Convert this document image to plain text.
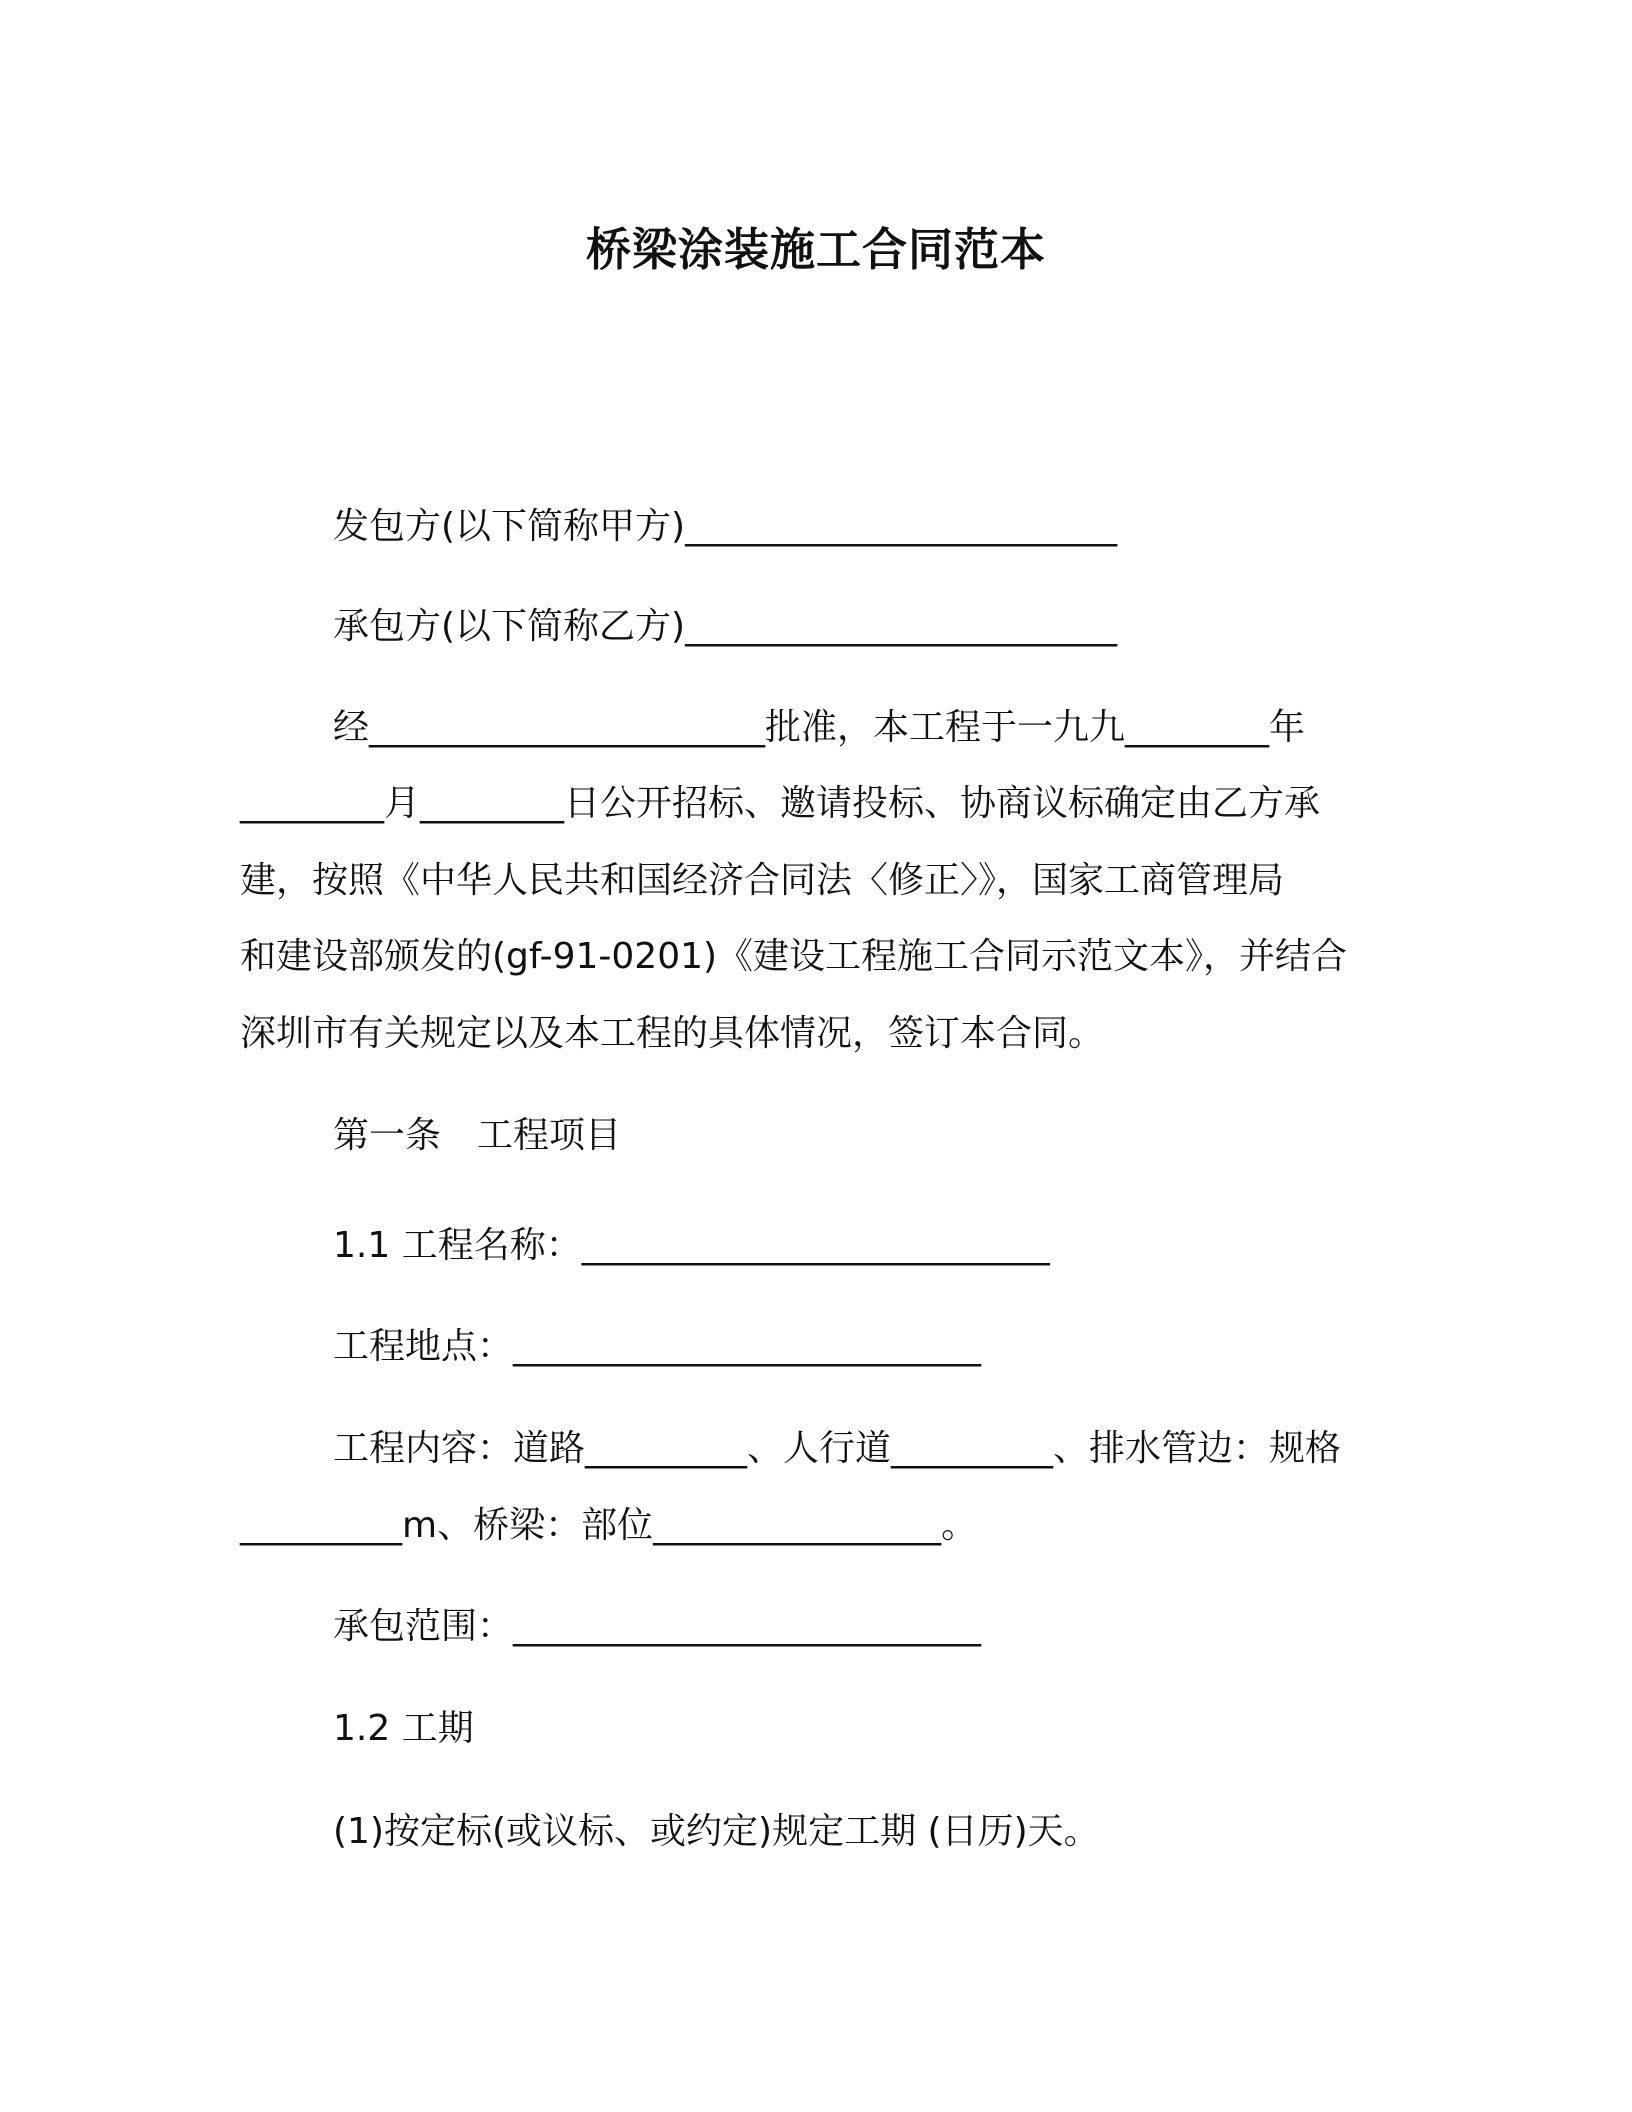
桥梁涂装施工合同范本
发包方(以下简称甲方)________________________
承包方(以下简称乙方)________________________
经______________________批准，本工程于一九九________年
________月________日公开招标、邀请投标、协商议标确定由乙方承
建，按照《中华人民共和国经济合同法〈修正〉》，国家工商管理局
和建设部颁发的(gf-91-0201)《建设工程施工合同示范文本》，并结合
深圳市有关规定以及本工程的具体情况，签订本合同。
第一条　工程项目
1.1 工程名称：__________________________
工程地点：__________________________
工程内容：道路_________、人行道_________、排水管边：规格
_________m、桥梁：部位________________。
承包范围：__________________________
1.2 工期
(1)按定标(或议标、或约定)规定工期 (日历)天。
